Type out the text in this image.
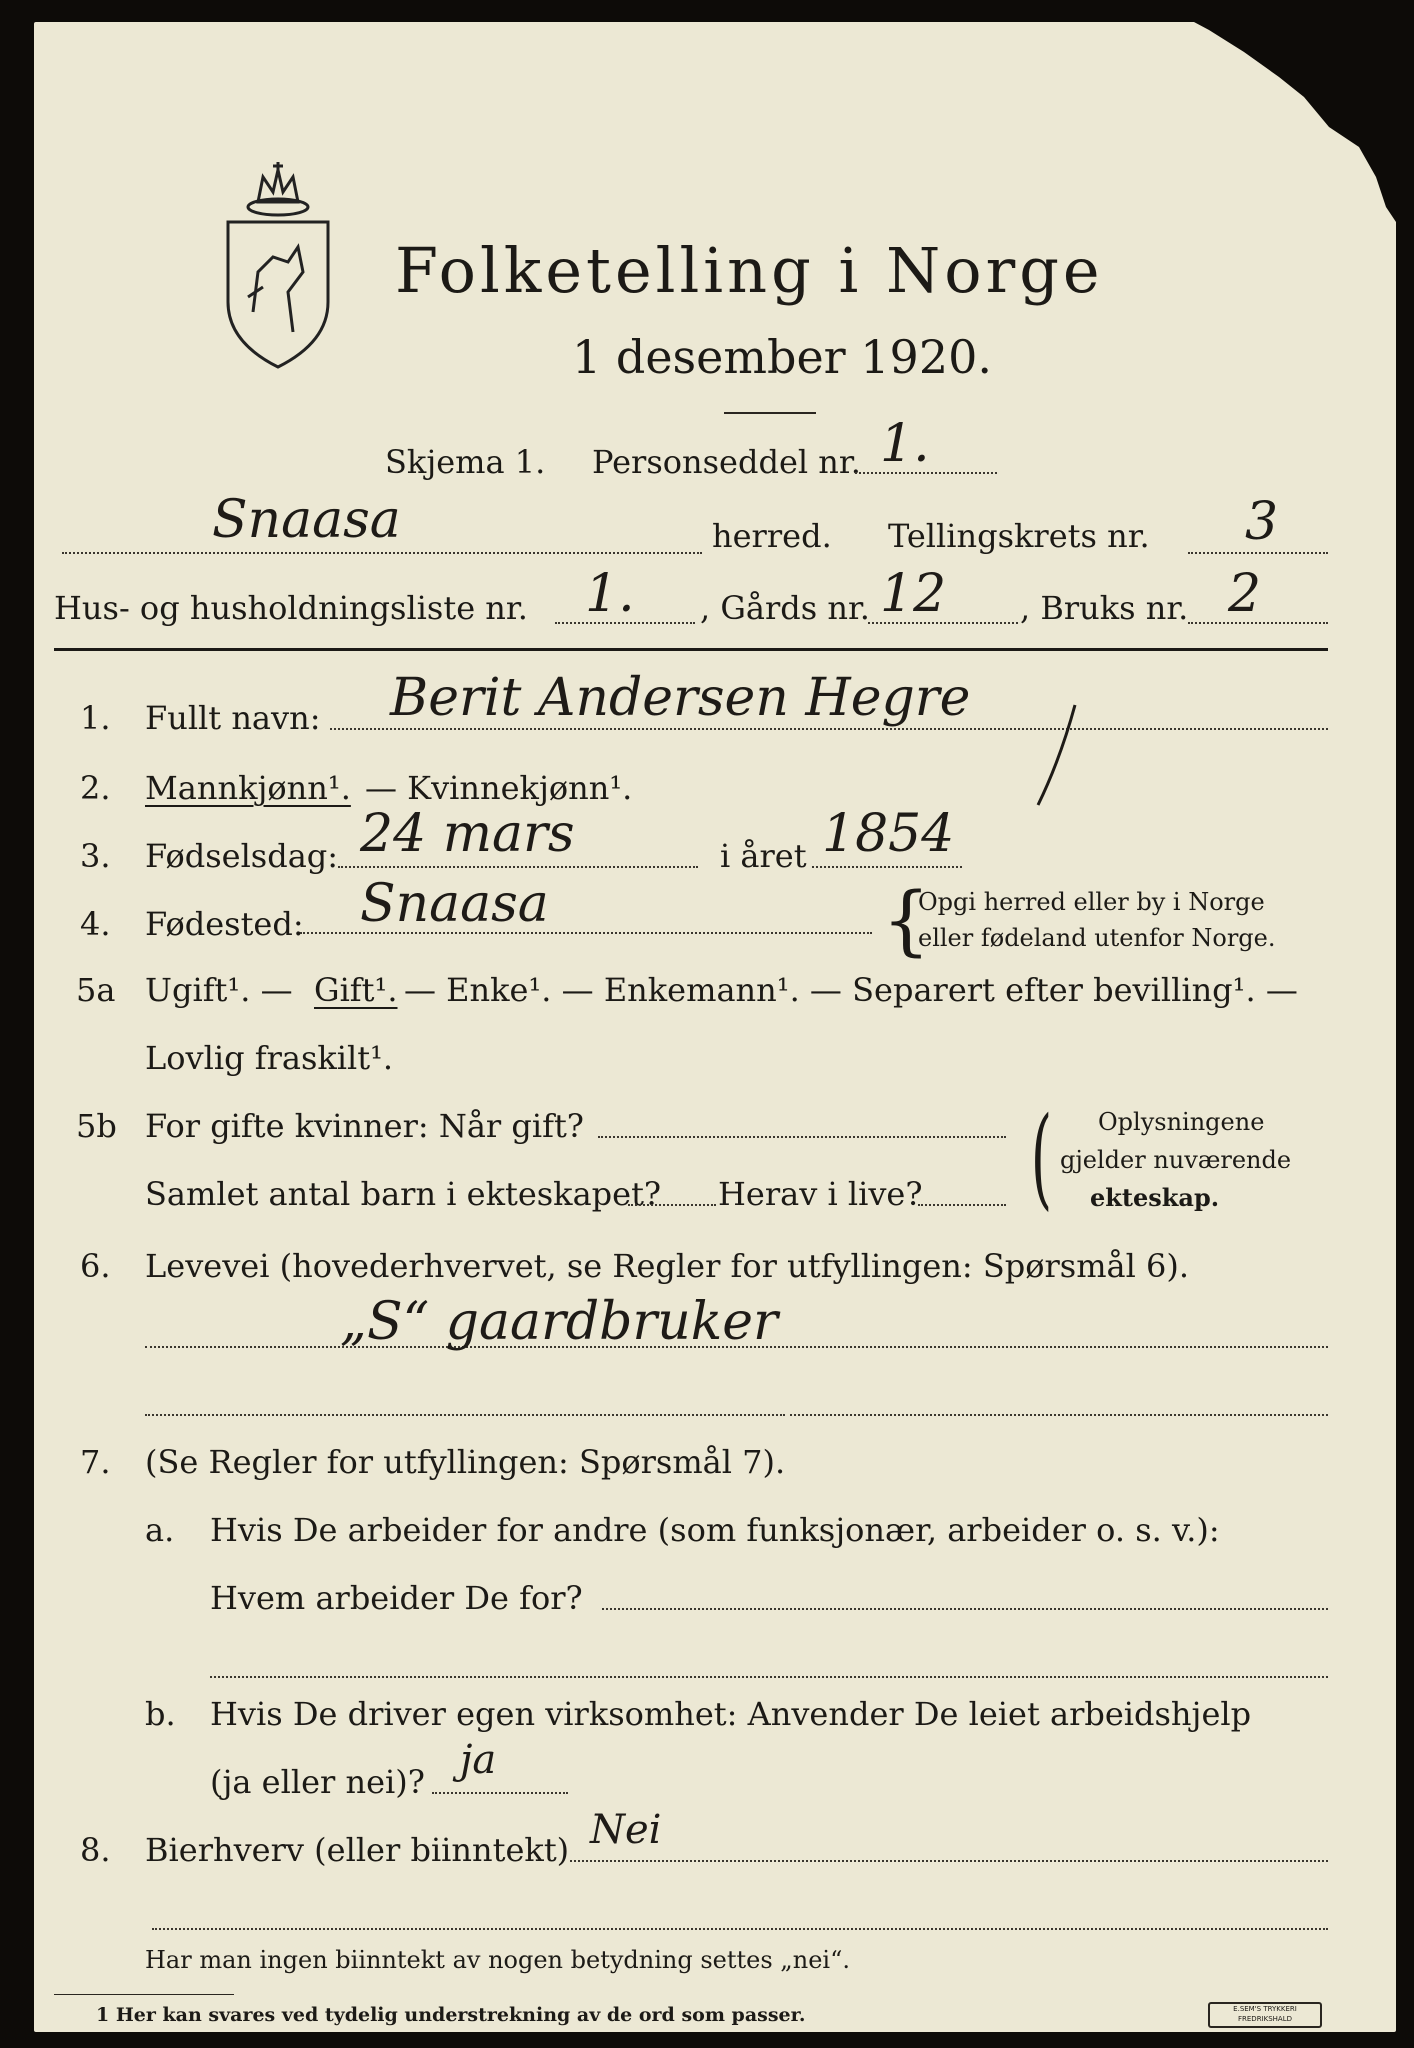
Folketelling i Norge
1 desember 1920.
Skjema 1. Personseddel nr. 1.
Snaasa	herred. Tellingskrets nr. 3
Hus- og husholdningsliste nr. 1. , Gårds nr. 12 , Bruks nr. 2
1. Fullt navn: Berit Andersen Hegre
2. Mannkjønn¹. — Kvinnekjønn¹.
3. Fødselsdag: 24 mars	i året 1854
4. Fødested: Snaasa	{
Opgi herred eller by i Norge
eller fødeland utenfor Norge.
5a Ugift¹. — Gift¹. — Enke¹. — Enkemann¹. — Separert efter bevilling¹. —
Lovlig fraskilt¹.
5b For gifte kvinner: Når gift?
Samlet antal barn i ekteskapet? Herav i live? ( Oplysningene
gjelder nuværende
ekteskap.
6. Levevei (hovederhvervet, se Regler for utfyllingen: Spørsmål 6).
„S“ gaardbruker
7. (Se Regler for utfyllingen: Spørsmål 7).
a. Hvis De arbeider for andre (som funksjonær, arbeider o. s. v.):
Hvem arbeider De for?
b. Hvis De driver egen virksomhet: Anvender De leiet arbeidshjelp
(ja eller nei)? ja
8. Bierhverv (eller biinntekt) Nei
Har man ingen biinntekt av nogen betydning settes „nei“.
1 Her kan svares ved tydelig understrekning av de ord som passer.	E.SEM'S TRYKKERI
FREDRIKSHALD
